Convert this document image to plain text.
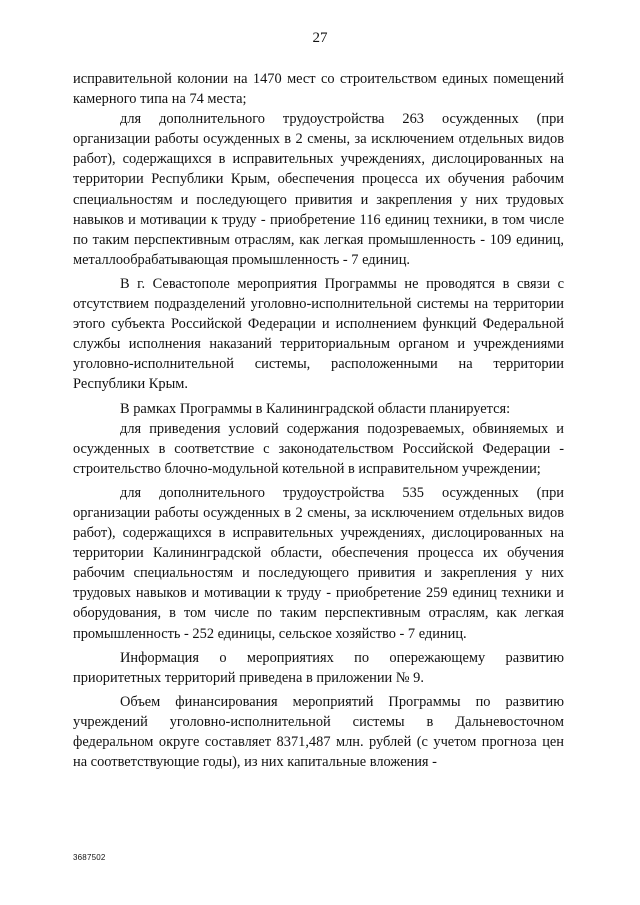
27

исправительной колонии на 1470 мест со строительством единых помещений камерного типа на 74 места;

для дополнительного трудоустройства 263 осужденных (при организации работы осужденных в 2 смены, за исключением отдельных видов работ), содержащихся в исправительных учреждениях, дислоцированных на территории Республики Крым, обеспечения процесса их обучения рабочим специальностям и последующего привития и закрепления у них трудовых навыков и мотивации к труду - приобретение 116 единиц техники, в том числе по таким перспективным отраслям, как легкая промышленность - 109 единиц, металлообрабатывающая промышленность - 7 единиц.

В г. Севастополе мероприятия Программы не проводятся в связи с отсутствием подразделений уголовно-исполнительной системы на территории этого субъекта Российской Федерации и исполнением функций Федеральной службы исполнения наказаний территориальным органом и учреждениями уголовно-исполнительной системы, расположенными на территории Республики Крым.

В рамках Программы в Калининградской области планируется:

для приведения условий содержания подозреваемых, обвиняемых и осужденных в соответствие с законодательством Российской Федерации - строительство блочно-модульной котельной в исправительном учреждении;

для дополнительного трудоустройства 535 осужденных (при организации работы осужденных в 2 смены, за исключением отдельных видов работ), содержащихся в исправительных учреждениях, дислоцированных на территории Калининградской области, обеспечения процесса их обучения рабочим специальностям и последующего привития и закрепления у них трудовых навыков и мотивации к труду - приобретение 259 единиц техники и оборудования, в том числе по таким перспективным отраслям, как легкая промышленность - 252 единицы, сельское хозяйство - 7 единиц.

Информация о мероприятиях по опережающему развитию приоритетных территорий приведена в приложении № 9.

Объем финансирования мероприятий Программы по развитию учреждений уголовно-исполнительной системы в Дальневосточном федеральном округе составляет 8371,487 млн. рублей (с учетом прогноза цен на соответствующие годы), из них капитальные вложения -

3687502
